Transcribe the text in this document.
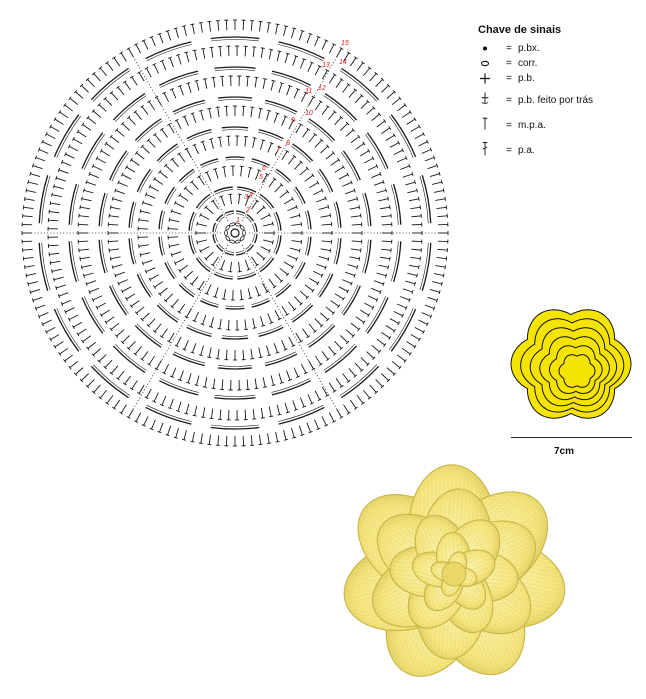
1
2
3 4
5
6
7
8
9
10
11 12
13 14
15
Chave de sinais
= p.bx.
= corr.
= p.b.
= p.b. feito por trás
= m.p.a.
= p.a.
7cm
